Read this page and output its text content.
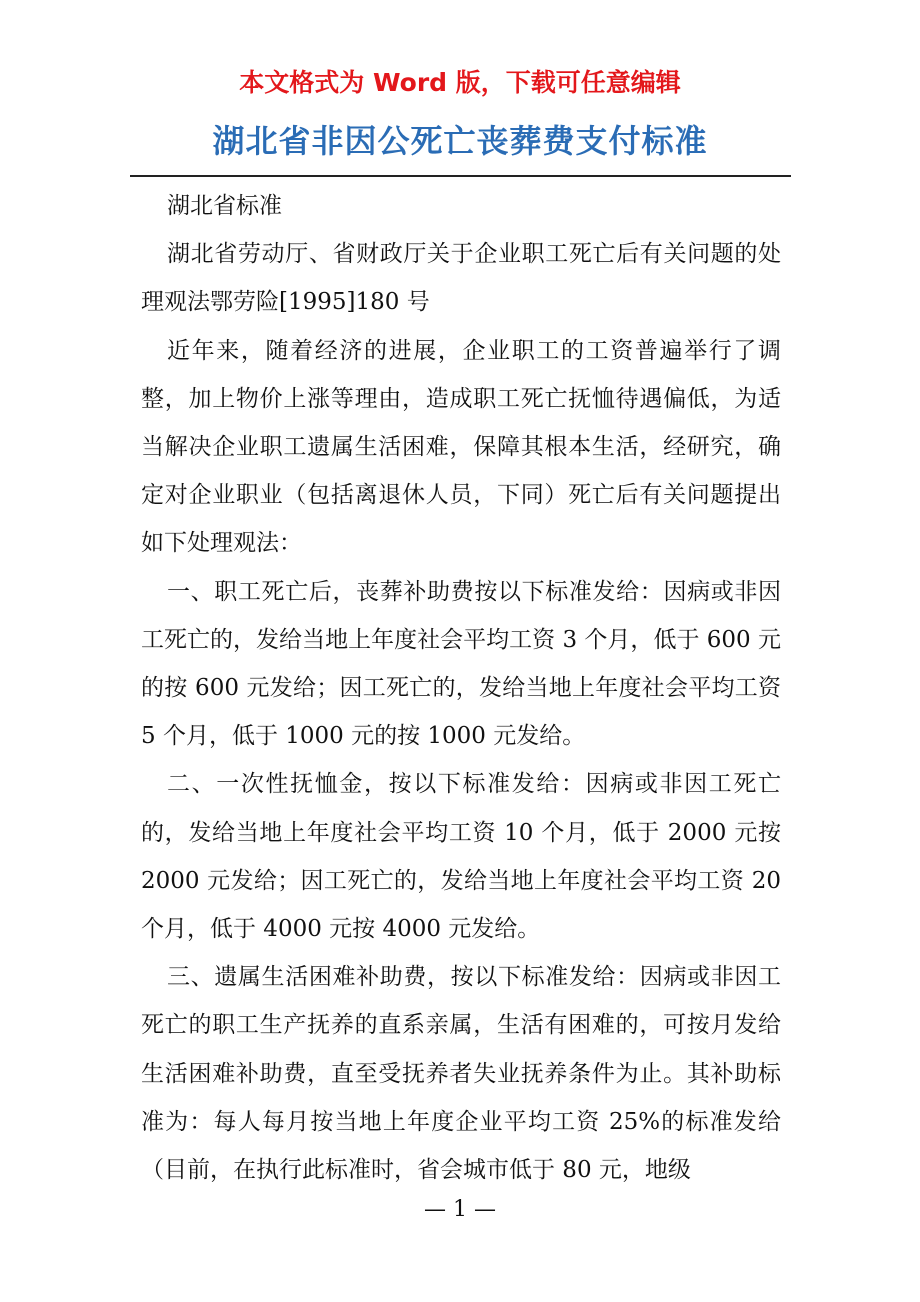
本文格式为 Word 版，下载可任意编辑
湖北省非因公死亡丧葬费支付标准

湖北省标准

湖北省劳动厅、省财政厅关于企业职工死亡后有关问题的处理观法鄂劳险[1995]180 号

近年来，随着经济的进展，企业职工的工资普遍举行了调整，加上物价上涨等理由，造成职工死亡抚恤待遇偏低，为适当解决企业职工遗属生活困难，保障其根本生活，经研究，确定对企业职业（包括离退休人员，下同）死亡后有关问题提出如下处理观法：

一、职工死亡后，丧葬补助费按以下标准发给：因病或非因工死亡的，发给当地上年度社会平均工资 3 个月，低于 600 元的按 600 元发给；因工死亡的，发给当地上年度社会平均工资 5 个月，低于 1000 元的按 1000 元发给。

二、一次性抚恤金，按以下标准发给：因病或非因工死亡的，发给当地上年度社会平均工资 10 个月，低于 2000 元按 2000 元发给；因工死亡的，发给当地上年度社会平均工资 20 个月，低于 4000 元按 4000 元发给。

三、遗属生活困难补助费，按以下标准发给：因病或非因工死亡的职工生产抚养的直系亲属，生活有困难的，可按月发给生活困难补助费，直至受抚养者失业抚养条件为止。其补助标准为：每人每月按当地上年度企业平均工资 25%的标准发给（目前，在执行此标准时，省会城市低于 80 元，地级

— 1 —
